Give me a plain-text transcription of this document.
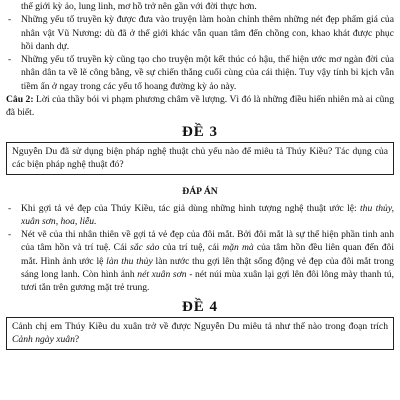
thế giới kỳ ảo, lung linh, mơ hồ trở nên gần với đời thực hơn.

- Những yếu tố truyền kỳ được đưa vào truyện làm hoàn chỉnh thêm những nét đẹp phẩm giá của nhân vật Vũ Nương: dù đã ở thế giới khác vẫn quan tâm đến chồng con, khao khát được phục hồi danh dự.

- Những yếu tố truyền kỳ cũng tạo cho truyện một kết thúc có hậu, thể hiện ước mơ ngàn đời của nhân dân ta về lẽ công bằng, về sự chiến thắng cuối cùng của cái thiện. Tuy vậy tính bi kịch vẫn tiềm ẩn ở ngay trong các yếu tố hoang đường kỳ ảo này.

Câu 2: Lời của thầy bói vi phạm phương châm về lượng. Vì đó là những điều hiển nhiên mà ai cũng đã biết.

ĐỀ 3

Nguyễn Du đã sử dụng biện pháp nghệ thuật chủ yếu nào để miêu tả Thúy Kiều? Tác dụng của các biện pháp nghệ thuật đó?

ĐÁP ÁN

- Khi gợi tả vẻ đẹp của Thúy Kiều, tác giả dùng những hình tượng nghệ thuật ước lệ: thu thủy, xuân sơn, hoa, liễu.

- Nét vẽ của thi nhân thiên về gợi tả vẻ đẹp của đôi mắt. Bởi đôi mắt là sự thể hiện phần tinh anh của tâm hồn và trí tuệ. Cái sắc sảo của trí tuệ, cái mặn mà của tâm hồn đều liên quan đến đôi mắt. Hình ảnh ước lệ làn thu thủy làn nước thu gợi lên thật sống động vẻ đẹp của đôi mắt trong sáng long lanh. Còn hình ảnh nét xuân sơn - nét núi mùa xuân lại gợi lên đôi lông mày thanh tú, tươi tắn trên gương mặt trẻ trung.

ĐỀ 4

Cảnh chị em Thúy Kiều du xuân trở về được Nguyễn Du miêu tả như thế nào trong đoạn trích Cảnh ngày xuân?
